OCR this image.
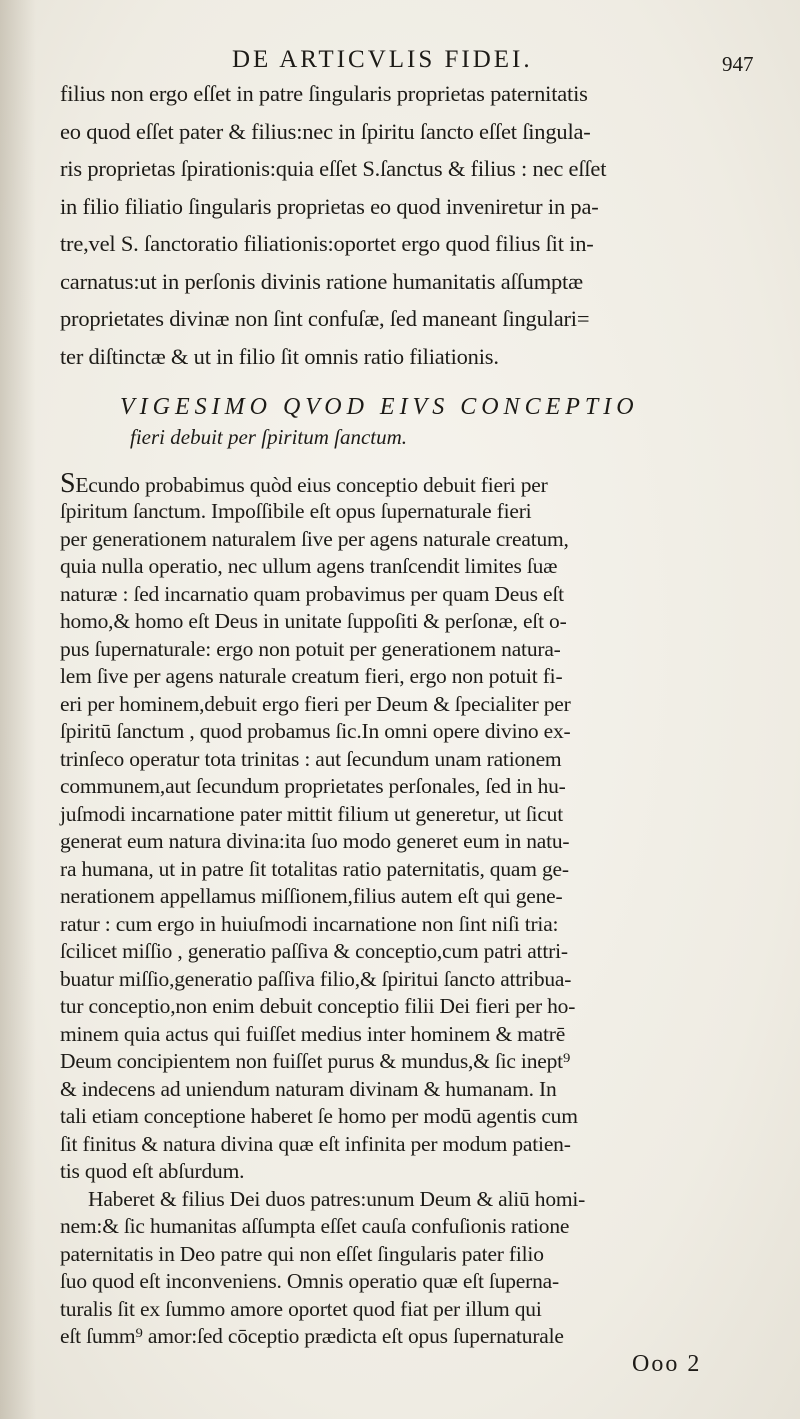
DE ARTICVLIS FIDEI.	947
filius non ergo eſſet in patre ſingularis proprietas paternitatis
eo quod eſſet pater & filius:nec in ſpiritu ſancto eſſet ſingula-
ris proprietas ſpirationis:quia eſſet S.ſanctus & filius : nec eſſet
in filio filiatio ſingularis proprietas eo quod inveniretur in pa-
tre,vel S. ſanctoratio filiationis:oportet ergo quod filius ſit in-
carnatus:ut in perſonis divinis ratione humanitatis aſſumptæ
proprietates divinæ non ſint confuſæ, ſed maneant ſingulari=
ter diſtinctæ & ut in filio ſit omnis ratio filiationis.
VIGESIMO QVOD EIVS CONCEPTIO
fieri debuit per ſpiritum ſanctum.
SEcundo probabimus quòd eius conceptio debuit fieri per
ſpiritum ſanctum. Impoſſibile eſt opus ſupernaturale fieri
per generationem naturalem ſive per agens naturale creatum,
quia nulla operatio, nec ullum agens tranſcendit limites ſuæ
naturæ : ſed incarnatio quam probavimus per quam Deus eſt
homo,& homo eſt Deus in unitate ſuppoſiti & perſonæ, eſt o-
pus ſupernaturale: ergo non potuit per generationem natura-
lem ſive per agens naturale creatum fieri, ergo non potuit fi-
eri per hominem,debuit ergo fieri per Deum & ſpecialiter per
ſpiritū ſanctum , quod probamus ſic.In omni opere divino ex-
trinſeco operatur tota trinitas : aut ſecundum unam rationem
communem,aut ſecundum proprietates perſonales, ſed in hu-
juſmodi incarnatione pater mittit filium ut generetur, ut ſicut
generat eum natura divina:ita ſuo modo generet eum in natu-
ra humana, ut in patre ſit totalitas ratio paternitatis, quam ge-
nerationem appellamus miſſionem,filius autem eſt qui gene-
ratur : cum ergo in huiuſmodi incarnatione non ſint niſi tria:
ſcilicet miſſio , generatio paſſiva & conceptio,cum patri attri-
buatur miſſio,generatio paſſiva filio,& ſpiritui ſancto attribua-
tur conceptio,non enim debuit conceptio filii Dei fieri per ho-
minem quia actus qui fuiſſet medius inter hominem & matrē
Deum concipientem non fuiſſet purus & mundus,& ſic inept⁹
& indecens ad uniendum naturam divinam & humanam. In
tali etiam conceptione haberet ſe homo per modū agentis cum
ſit finitus & natura divina quæ eſt infinita per modum patien-
tis quod eſt abſurdum.
Haberet & filius Dei duos patres:unum Deum & aliū homi-
nem:& ſic humanitas aſſumpta eſſet cauſa confuſionis ratione
paternitatis in Deo patre qui non eſſet ſingularis pater filio
ſuo quod eſt inconveniens. Omnis operatio quæ eſt ſuperna-
turalis ſit ex ſummo amore oportet quod fiat per illum qui
eſt ſumm⁹ amor:ſed cōceptio prædicta eſt opus ſupernaturale
Ooo 2
